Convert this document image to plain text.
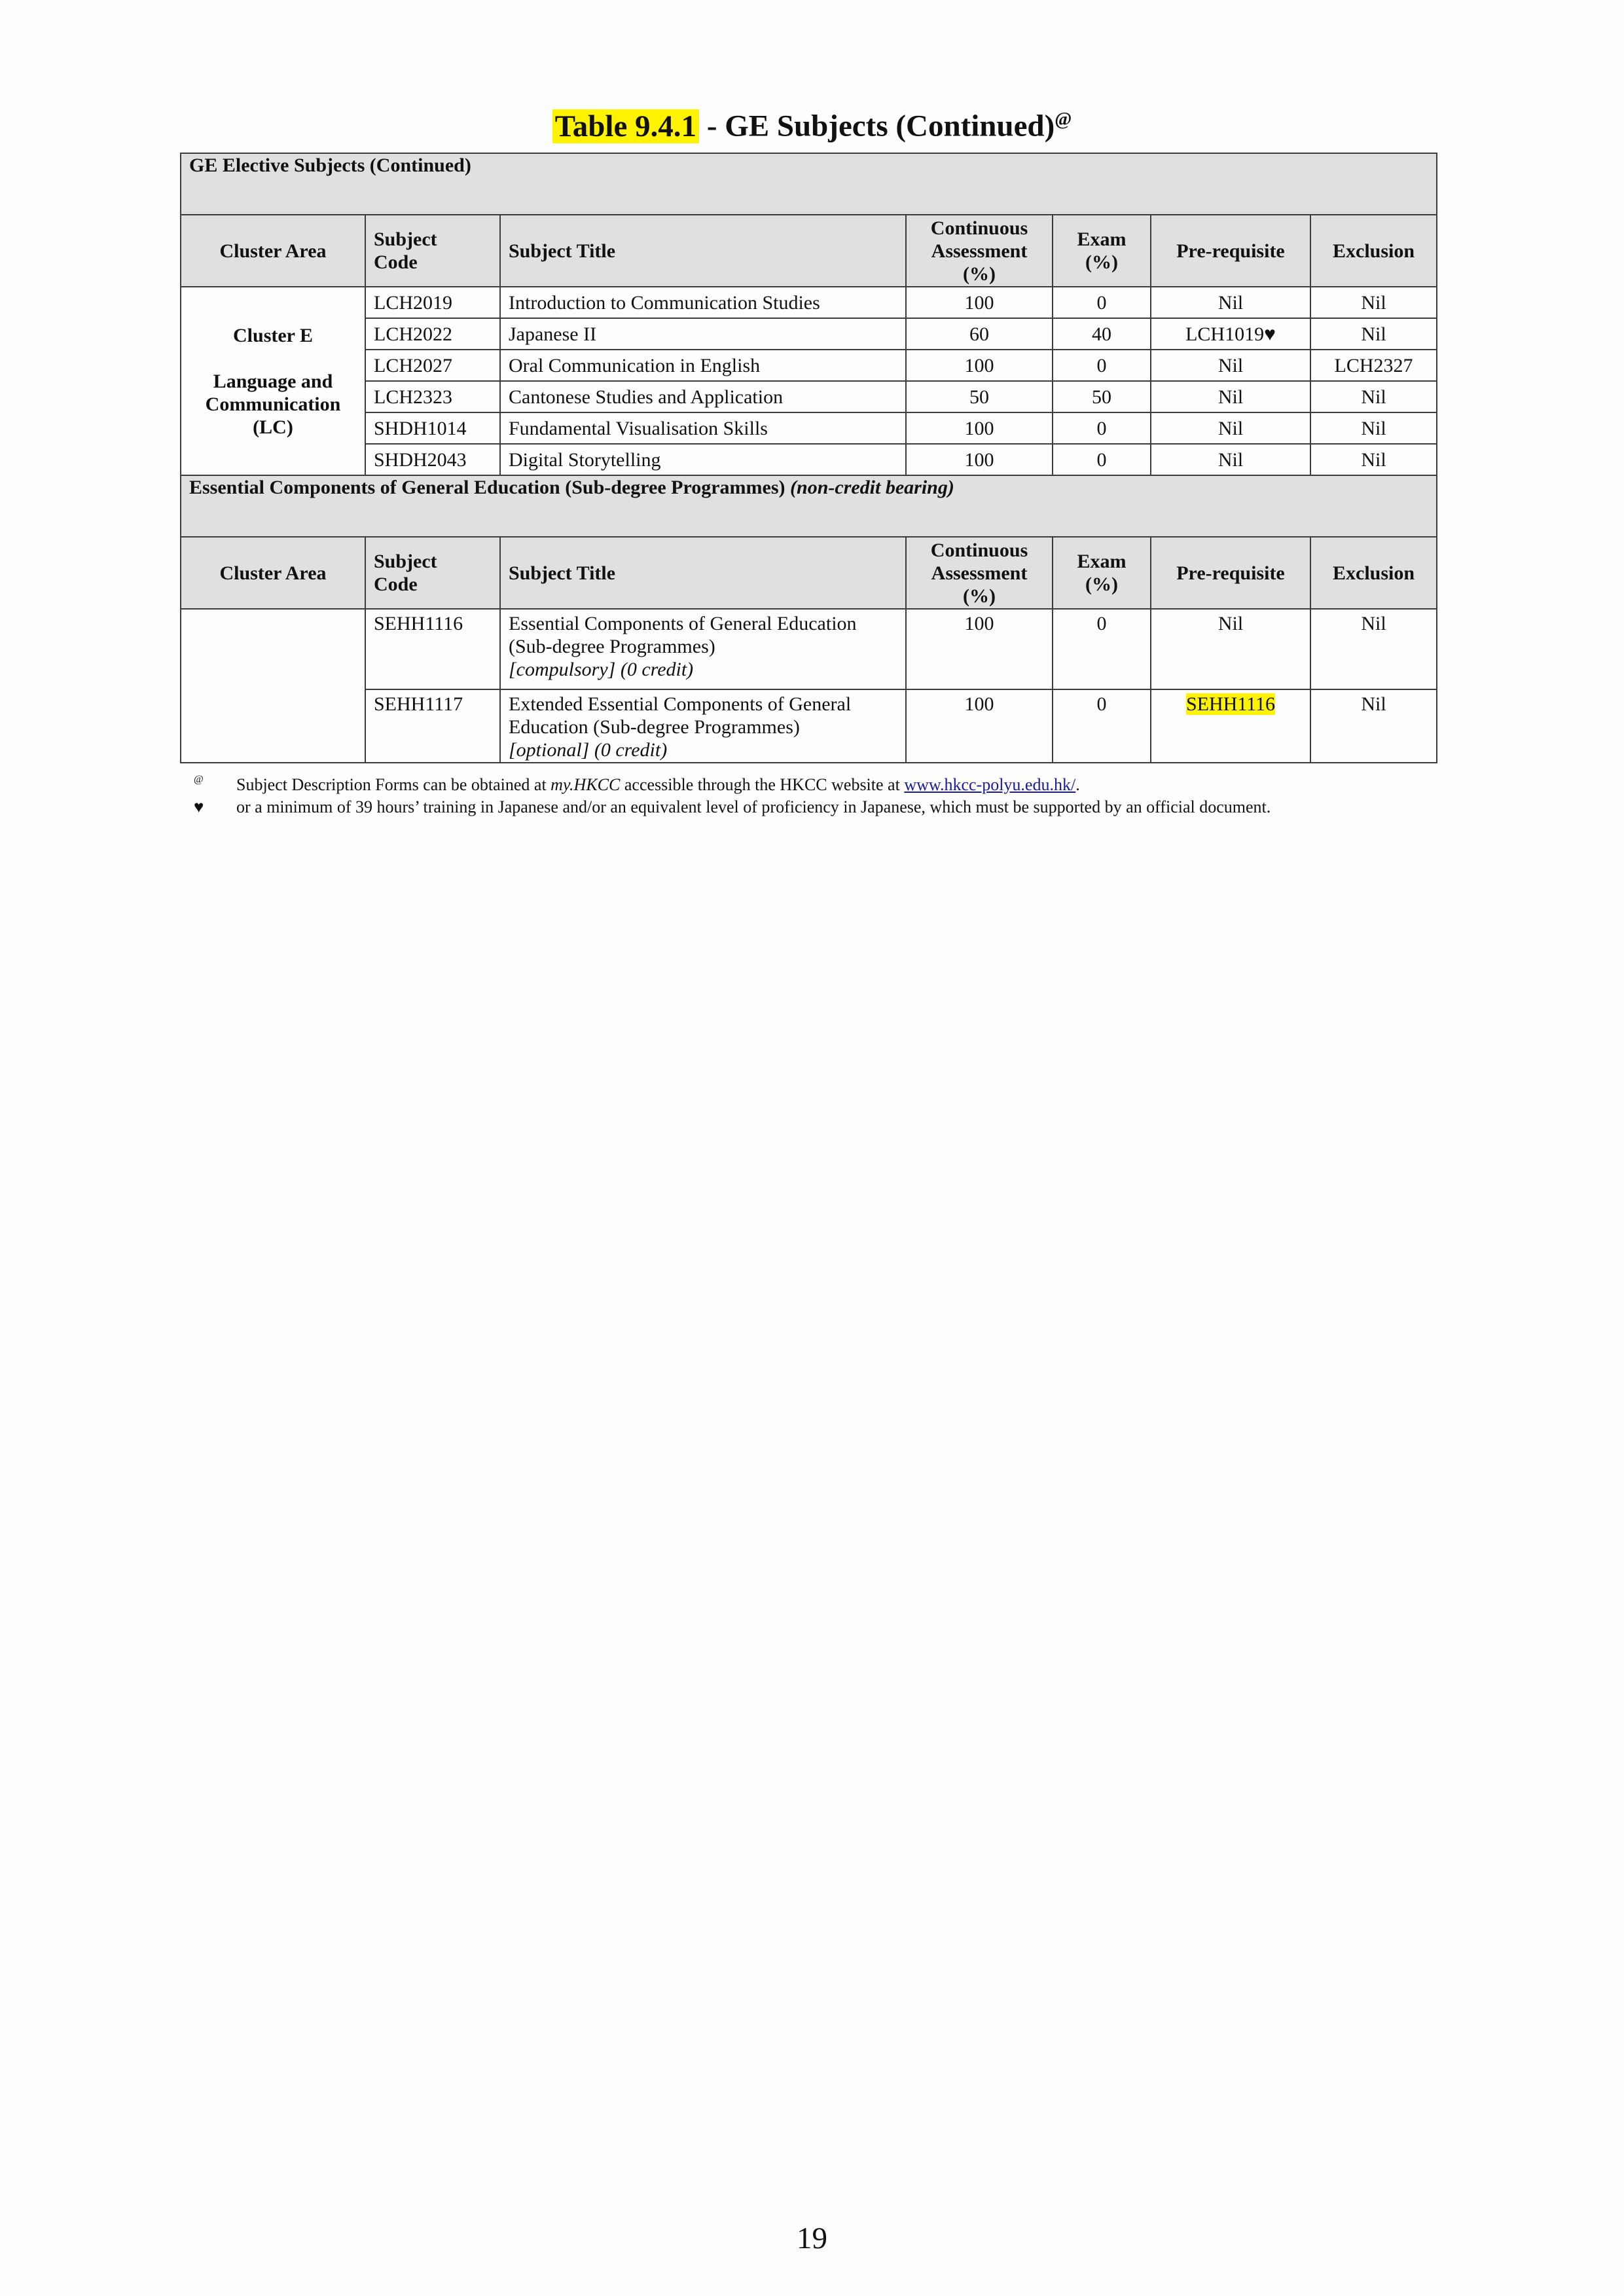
Table 9.4.1 - GE Subjects (Continued)@
GE Elective Subjects (Continued)						
Cluster Area	Subject
Code	Subject Title	Continuous
Assessment
(%)	Exam
(%)	Pre-requisite	Exclusion
Cluster E

Language and
Communication
(LC)	LCH2019	Introduction to Communication Studies	100	0	Nil	Nil
	LCH2022	Japanese II	60	40	LCH1019♥	Nil
	LCH2027	Oral Communication in English	100	0	Nil	LCH2327
	LCH2323	Cantonese Studies and Application	50	50	Nil	Nil
	SHDH1014	Fundamental Visualisation Skills	100	0	Nil	Nil
	SHDH2043	Digital Storytelling	100	0	Nil	Nil
Essential Components of General Education (Sub-degree Programmes) (non-credit bearing)						
Cluster Area	Subject
Code	Subject Title	Continuous
Assessment
(%)	Exam
(%)	Pre-requisite	Exclusion
	SEHH1116	Essential Components of General Education
(Sub-degree Programmes)
[compulsory] (0 credit)	100	0	Nil	Nil
	SEHH1117	Extended Essential Components of General
Education (Sub-degree Programmes)
[optional] (0 credit)	100	0	SEHH1116	Nil
@	Subject Description Forms can be obtained at my.HKCC accessible through the HKCC website at www.hkcc-polyu.edu.hk/.
♥	or a minimum of 39 hours’ training in Japanese and/or an equivalent level of proficiency in Japanese, which must be supported by an official document.
19
